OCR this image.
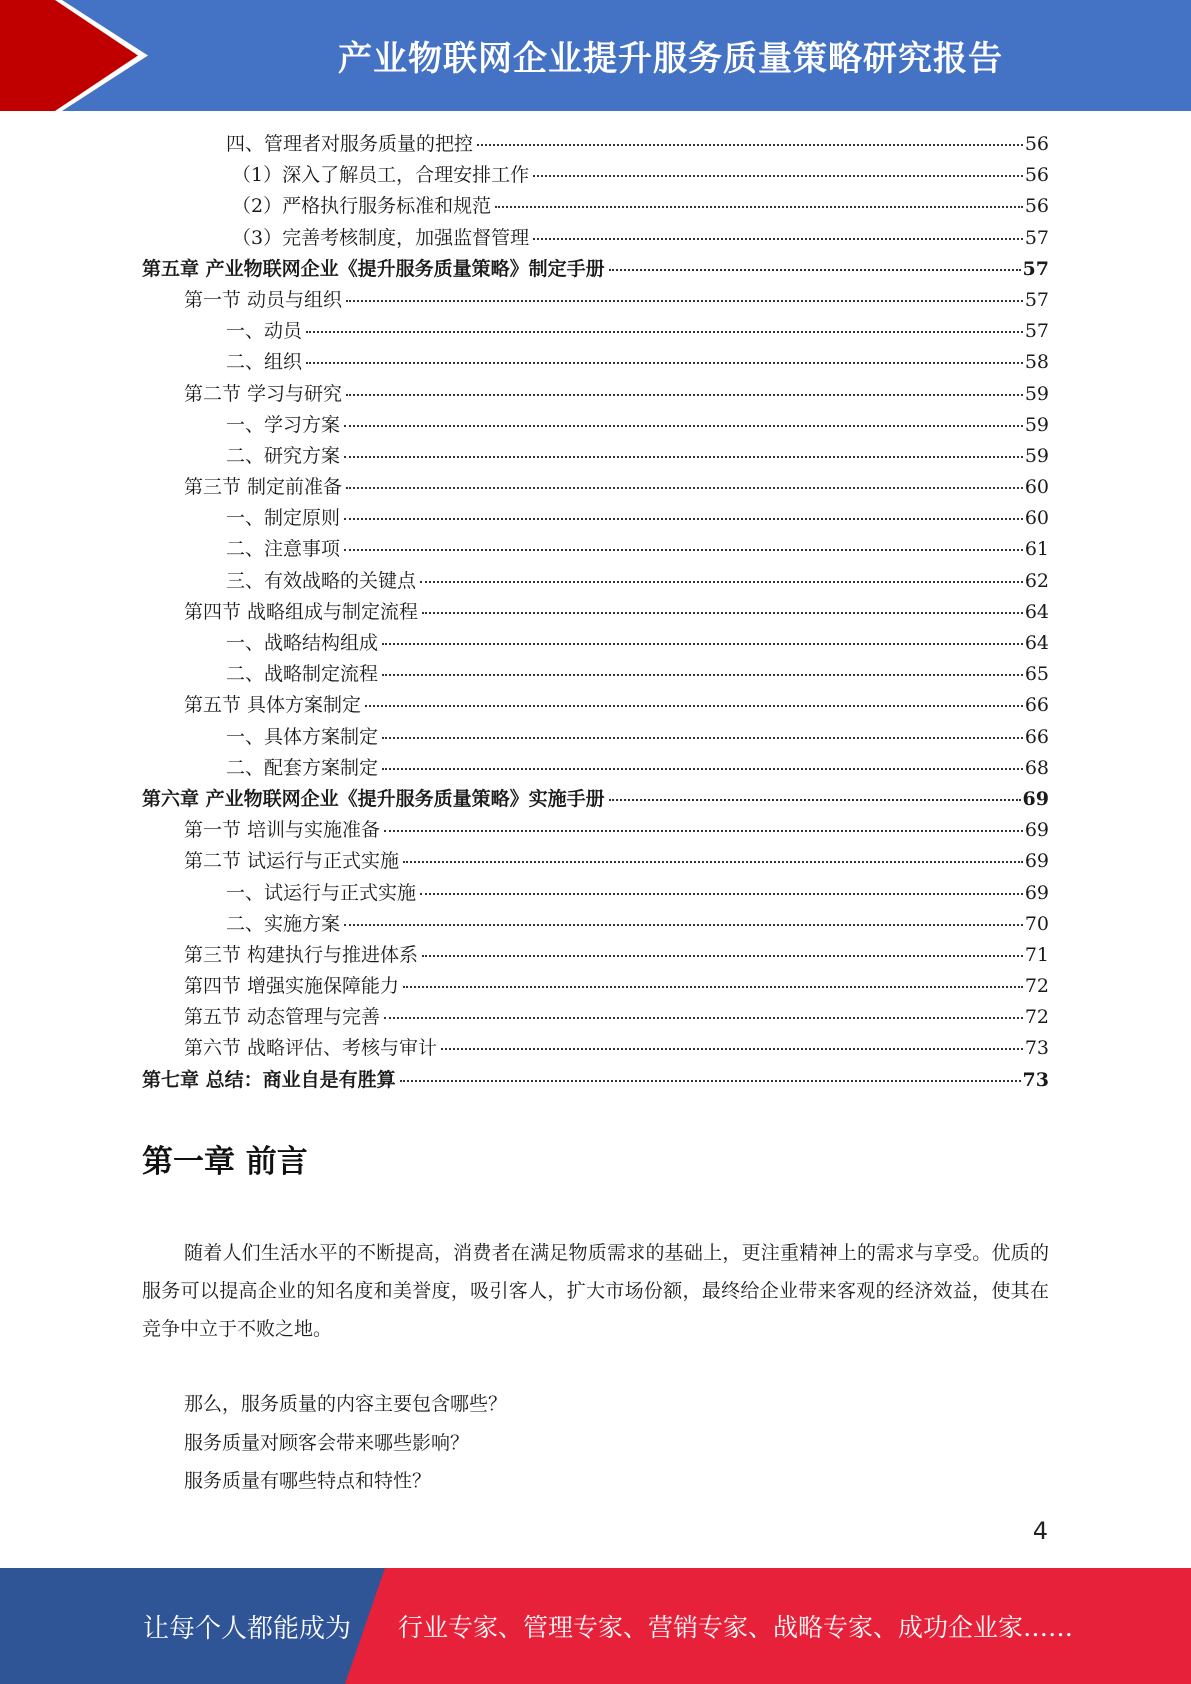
产业物联网企业提升服务质量策略研究报告
四、管理者对服务质量的把控	56
（1）深入了解员工，合理安排工作	56
（2）严格执行服务标准和规范	56
（3）完善考核制度，加强监督管理	57
第五章 产业物联网企业《提升服务质量策略》制定手册	57
第一节 动员与组织	57
一、动员	57
二、组织	58
第二节 学习与研究	59
一、学习方案	59
二、研究方案	59
第三节 制定前准备	60
一、制定原则	60
二、注意事项	61
三、有效战略的关键点	62
第四节 战略组成与制定流程	64
一、战略结构组成	64
二、战略制定流程	65
第五节 具体方案制定	66
一、具体方案制定	66
二、配套方案制定	68
第六章 产业物联网企业《提升服务质量策略》实施手册	69
第一节 培训与实施准备	69
第二节 试运行与正式实施	69
一、试运行与正式实施	69
二、实施方案	70
第三节 构建执行与推进体系	71
第四节 增强实施保障能力	72
第五节 动态管理与完善	72
第六节 战略评估、考核与审计	73
第七章 总结：商业自是有胜算	73
第一章 前言
随着人们生活水平的不断提高，消费者在满足物质需求的基础上，更注重精神上的需求与享受。优质的服务可以提高企业的知名度和美誉度，吸引客人，扩大市场份额，最终给企业带来客观的经济效益，使其在竞争中立于不败之地。
那么，服务质量的内容主要包含哪些？
服务质量对顾客会带来哪些影响？
服务质量有哪些特点和特性？
4
让每个人都能成为 行业专家、管理专家、营销专家、战略专家、成功企业家……
